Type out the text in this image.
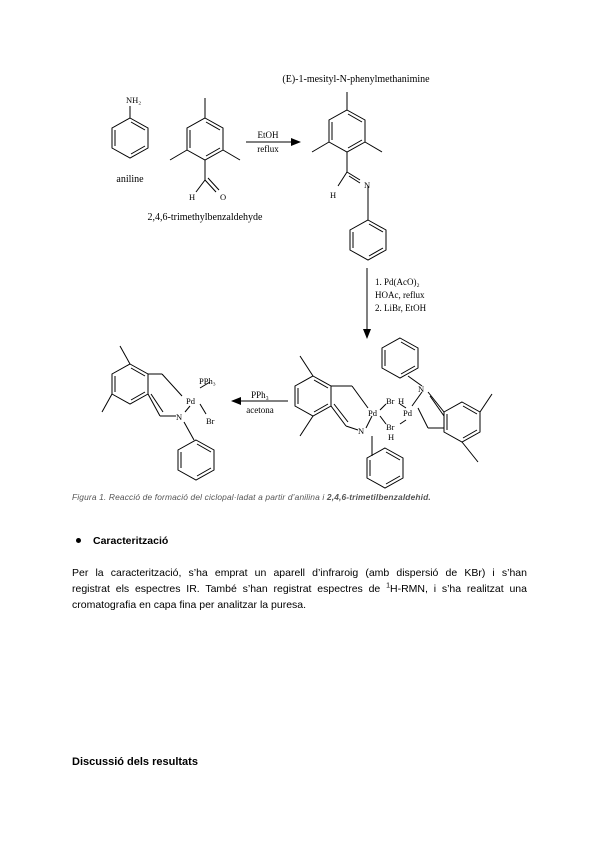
(E)-1-mesityl-N-phenylmethanimine
NH₂
aniline
2,4,6-trimethylbenzaldehyde
H	O
EtOH
reflux
H
N
1. Pd(AcO)₂
HOAc, reflux
2. LiBr, EtOH
Pd	Pd
Br H
Br
H
N
N
PPh₃
acetona
PPh₃
Pd
Br
N
Figura 1. Reacció de formació del ciclopal·ladat a partir d’anilina i 2,4,6-trimetilbenzaldehid.
Caracterització
Per la caracterització, s’ha emprat un aparell d’infraroig (amb dispersió de KBr) i s’han
registrat els espectres IR. També s’han registrat espectres de $^1$H-RMN, i s’ha realitzat una
cromatografia en capa fina per analitzar la puresa.
Discussió dels resultats
